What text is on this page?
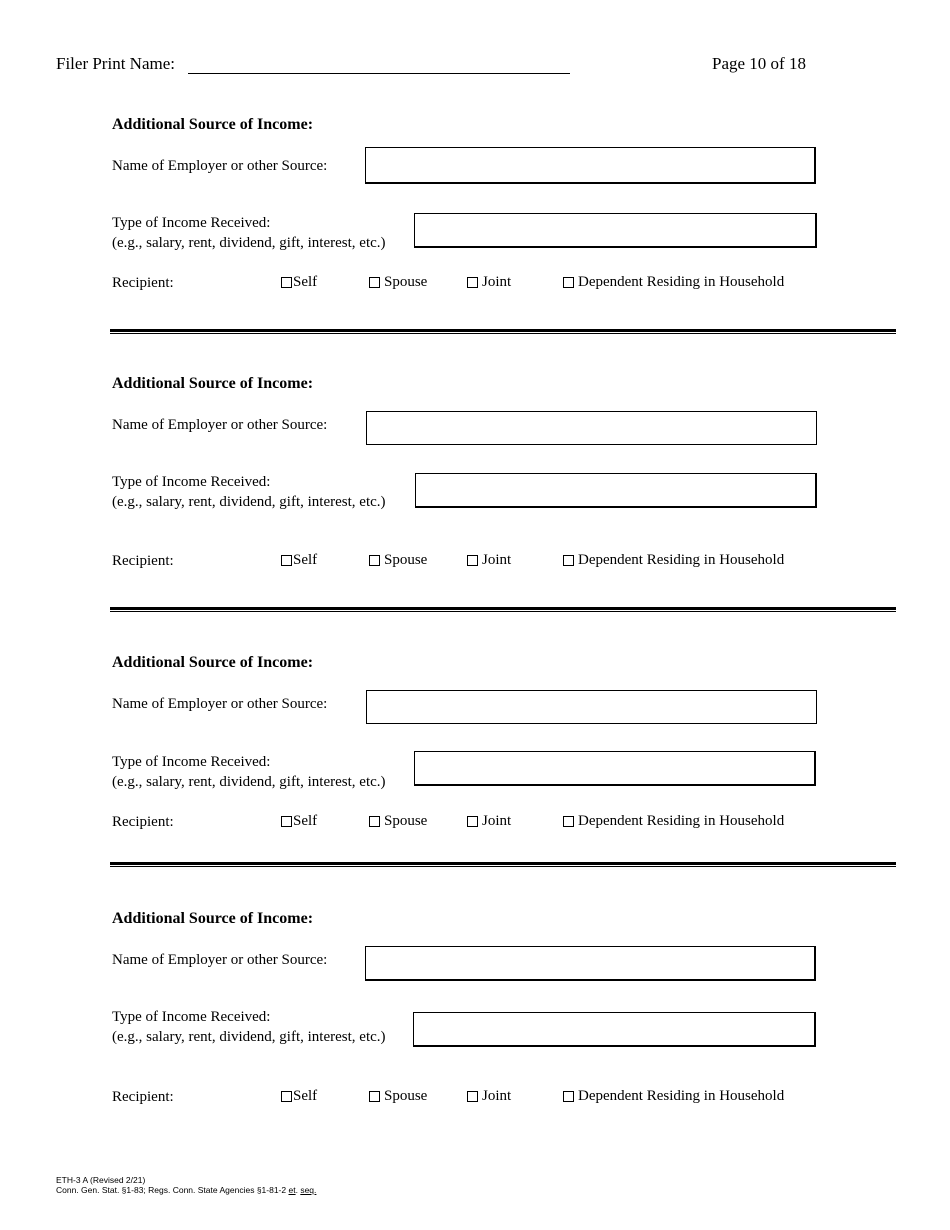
Filer Print Name:	Page 10 of 18
Additional Source of Income:
Name of Employer or other Source:
Type of Income Received:
(e.g., salary, rent, dividend, gift, interest, etc.)
Recipient:	Self	Spouse	Joint	Dependent Residing in Household
Additional Source of Income:
Name of Employer or other Source:
Type of Income Received:
(e.g., salary, rent, dividend, gift, interest, etc.)
Recipient:	Self	Spouse	Joint	Dependent Residing in Household
Additional Source of Income:
Name of Employer or other Source:
Type of Income Received:
(e.g., salary, rent, dividend, gift, interest, etc.)
Recipient:	Self	Spouse	Joint	Dependent Residing in Household
Additional Source of Income:
Name of Employer or other Source:
Type of Income Received:
(e.g., salary, rent, dividend, gift, interest, etc.)
Recipient:	Self	Spouse	Joint	Dependent Residing in Household
ETH-3 A (Revised 2/21)
Conn. Gen. Stat. §1-83; Regs. Conn. State Agencies §1-81-2 et. seq.
